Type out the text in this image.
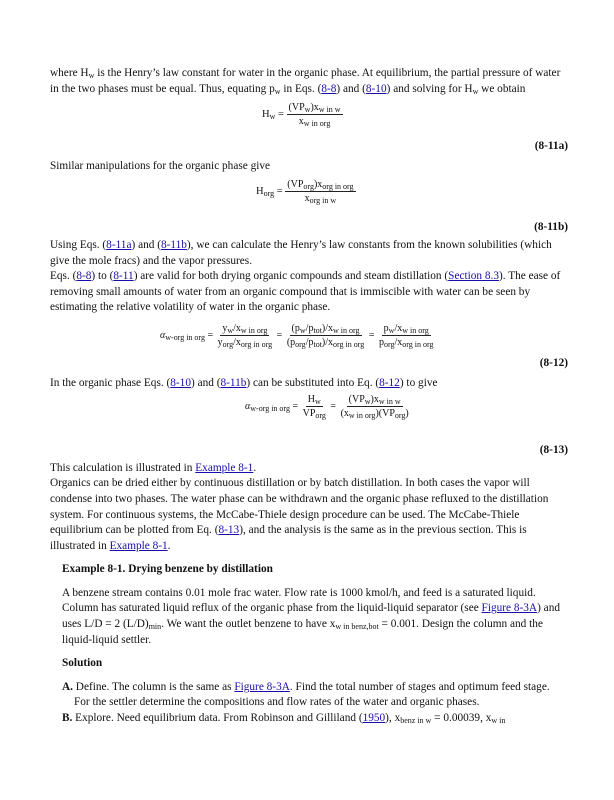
where $H_w$ is the Henry’s law constant for water in the organic phase. At equilibrium, the partial pressure of water in the two phases must be equal. Thus, equating $p_w$ in Eqs. (8-8) and (8-10) and solving for $H_w$ we obtain

$H_w = \frac{(VP_w)x_{w in w}}{x_{w in org}}$
(8-11a)

Similar manipulations for the organic phase give

$H_{org} = \frac{(VP_{org})x_{org in org}}{x_{org in w}}$
(8-11b)

Using Eqs. (8-11a) and (8-11b), we can calculate the Henry’s law constants from the known solubilities (which give the mole fracs) and the vapor pressures.

Eqs. (8-8) to (8-11) are valid for both drying organic compounds and steam distillation (Section 8.3). The ease of removing small amounts of water from an organic compound that is immiscible with water can be seen by estimating the relative volatility of water in the organic phase.

$\alpha_{w-org in org} = \frac{y_w/x_{w in org}}{y_{org}/x_{org in org}} = \frac{(p_w/p_{tot})/x_{w in org}}{(p_{org}/p_{tot})/x_{org in org}} = \frac{p_w/x_{w in org}}{p_{org}/x_{org in org}}$
(8-12)

In the organic phase Eqs. (8-10) and (8-11b) can be substituted into Eq. (8-12) to give

$\alpha_{w-org in org} = \frac{H_w}{VP_{org}} = \frac{(VP_w)x_{w in w}}{(x_{w in org})(VP_{org})}$
(8-13)

This calculation is illustrated in Example 8-1.

Organics can be dried either by continuous distillation or by batch distillation. In both cases the vapor will condense into two phases. The water phase can be withdrawn and the organic phase refluxed to the distillation system. For continuous systems, the McCabe-Thiele design procedure can be used. The McCabe-Thiele equilibrium can be plotted from Eq. (8-13), and the analysis is the same as in the previous section. This is illustrated in Example 8-1.

Example 8-1. Drying benzene by distillation

A benzene stream contains 0.01 mole frac water. Flow rate is 1000 kmol/h, and feed is a saturated liquid. Column has saturated liquid reflux of the organic phase from the liquid-liquid separator (see Figure 8-3A) and uses L/D = 2 $(L/D)_{min}$. We want the outlet benzene to have $x_{w in benz,bot} = 0.001$. Design the column and the liquid-liquid settler.

Solution

A. Define. The column is the same as Figure 8-3A. Find the total number of stages and optimum feed stage. For the settler determine the compositions and flow rates of the water and organic phases.

B. Explore. Need equilibrium data. From Robinson and Gilliland (1950), $x_{benz in w} = 0.00039$, $x_{w in}$
